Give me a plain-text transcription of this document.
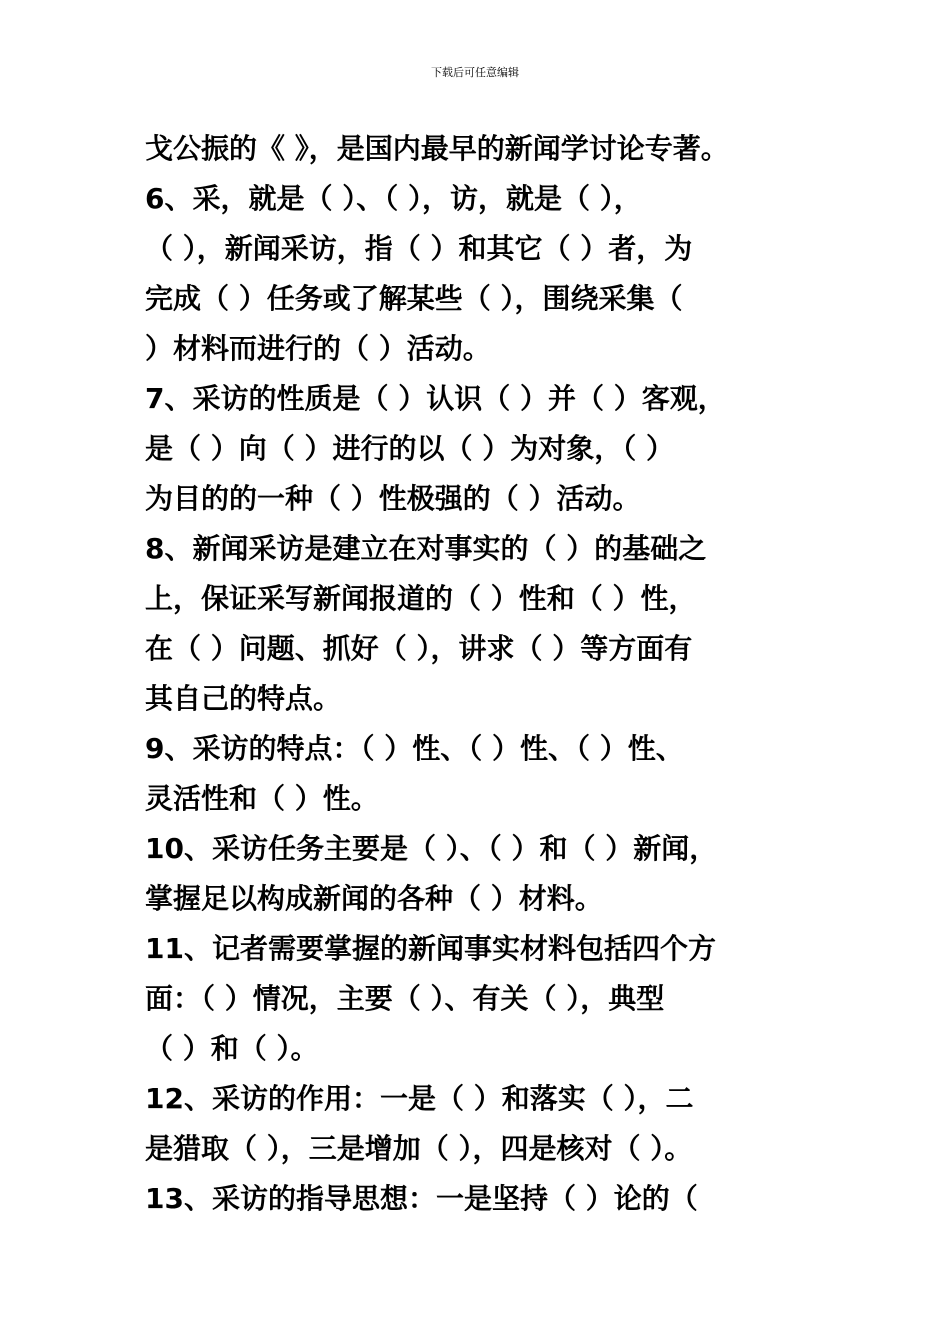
下载后可任意编辑
戈公振的《 》，是国内最早的新闻学讨论专著。
6、采，就是（ ）、（ ），访，就是（ ），
（ ），新闻采访，指（ ）和其它（ ）者，为
完成（ ）任务或了解某些（ ），围绕采集（
）材料而进行的（ ）活动。
7、采访的性质是（ ）认识（ ）并（ ）客观，
是（ ）向（ ）进行的以（ ）为对象，（ ）
为目的的一种（ ）性极强的（ ）活动。
8、新闻采访是建立在对事实的（ ）的基础之
上，保证采写新闻报道的（ ）性和（ ）性，
在（ ）问题、抓好（ ），讲求（ ）等方面有
其自己的特点。
9、采访的特点：（ ）性、（ ）性、（ ）性、
灵活性和（ ）性。
10、采访任务主要是（ ）、（ ）和（ ）新闻，
掌握足以构成新闻的各种（ ）材料。
11、记者需要掌握的新闻事实材料包括四个方
面：（ ）情况，主要（ ）、有关（ ），典型
（ ）和（ ）。
12、采访的作用：一是（ ）和落实（ ），二
是猎取（ ），三是增加（ ），四是核对（ ）。
13、采访的指导思想：一是坚持（ ）论的（
